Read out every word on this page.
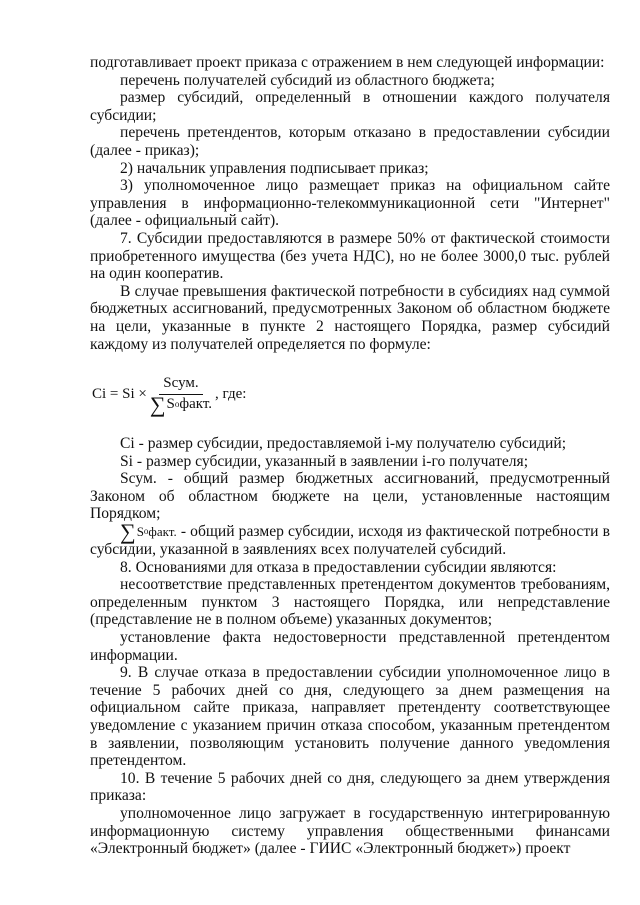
подготавливает проект приказа с отражением в нем следующей информации:

перечень получателей субсидий из областного бюджета;

размер субсидий, определенный в отношении каждого получателя субсидии;

перечень претендентов, которым отказано в предоставлении субсидии (далее - приказ);

2) начальник управления подписывает приказ;

3) уполномоченное лицо размещает приказ на официальном сайте управления в информационно-телекоммуникационной сети "Интернет" (далее - официальный сайт).

7. Субсидии предоставляются в размере 50% от фактической стоимости приобретенного имущества (без учета НДС), но не более 3000,0 тыс. рублей на один кооператив.

В случае превышения фактической потребности в субсидиях над суммой бюджетных ассигнований, предусмотренных Законом об областном бюджете на цели, указанные в пункте 2 настоящего Порядка, размер субсидий каждому из получателей определяется по формуле:

$Ci = Si \times \frac{\text{Sсум.}}{\text{∑ S o факт.}}$ , где:

Ci - размер субсидии, предоставляемой i-му получателю субсидий;

Si - размер субсидии, указанный в заявлении i-го получателя;

Sсум. - общий размер бюджетных ассигнований, предусмотренный Законом об областном бюджете на цели, установленные настоящим Порядком;

∑ S o факт. - общий размер субсидии, исходя из фактической потребности в субсидии, указанной в заявлениях всех получателей субсидий.

8. Основаниями для отказа в предоставлении субсидии являются:

несоответствие представленных претендентом документов требованиям, определенным пунктом 3 настоящего Порядка, или непредставление (представление не в полном объеме) указанных документов;

установление факта недостоверности представленной претендентом информации.

9. В случае отказа в предоставлении субсидии уполномоченное лицо в течение 5 рабочих дней со дня, следующего за днем размещения на официальном сайте приказа, направляет претенденту соответствующее уведомление с указанием причин отказа способом, указанным претендентом в заявлении, позволяющим установить получение данного уведомления претендентом.

10. В течение 5 рабочих дней со дня, следующего за днем утверждения приказа:

уполномоченное лицо загружает в государственную интегрированную информационную систему управления общественными финансами «Электронный бюджет» (далее - ГИИС «Электронный бюджет») проект
